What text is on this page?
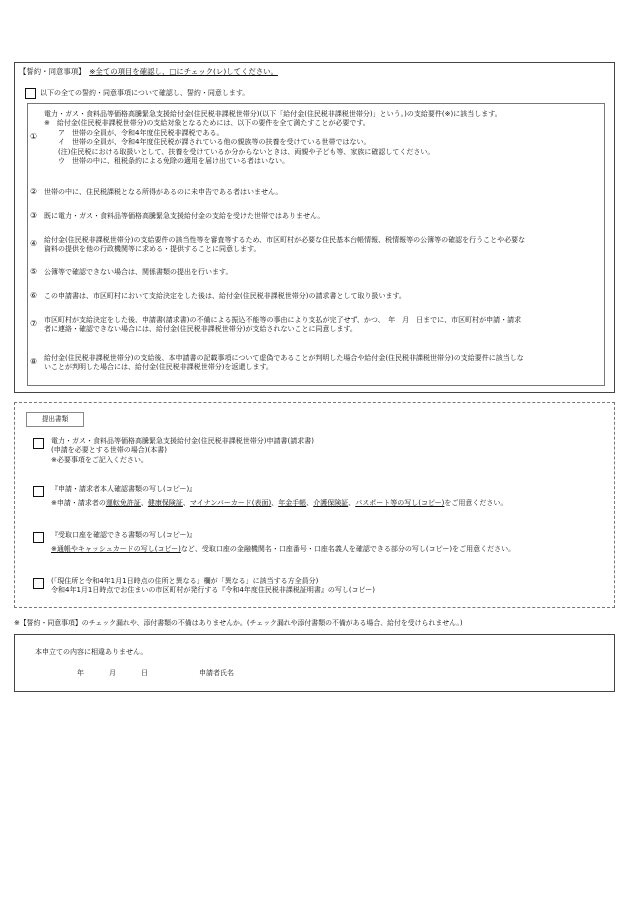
【誓約・同意事項】　 ※全ての項目を確認し、□にチェック(レ)してください。
以下の全ての誓約・同意事項について確認し、誓約・同意します。
①
電力・ガス・食料品等価格高騰緊急支援給付金(住民税非課税世帯分)(以下「給付金(住民税非課税世帯分)」という。)の支給要件(※)に該当します。
※　給付金(住民税非課税世帯分)の支給対象となるためには、以下の要件を全て満たすことが必要です。
　　ア　世帯の全員が、令和4年度住民税非課税である。
　　イ　世帯の全員が、令和4年度住民税が課されている他の親族等の扶養を受けている世帯ではない。
　　(注)住民税における取扱いとして、扶養を受けているか分からないときは、両親や子ども等、家族に確認してください。
　　ウ　世帯の中に、租税条約による免除の適用を届け出ている者はいない。
② 世帯の中に、住民税課税となる所得があるのに未申告である者はいません。
③ 既に電力・ガス・食料品等価格高騰緊急支援給付金の支給を受けた世帯ではありません。
④ 給付金(住民税非課税世帯分)の支給要件の該当性等を審査等するため、市区町村が必要な住民基本台帳情報、税情報等の公簿等の確認を行うことや必要な
資料の提供を他の行政機関等に求める・提供することに同意します。
⑤ 公簿等で確認できない場合は、関係書類の提出を行います。
⑥ この申請書は、市区町村において支給決定をした後は、給付金(住民税非課税世帯分)の請求書として取り扱います。
⑦ 市区町村が支給決定をした後、申請書(請求書)の不備による振込不能等の事由により支払が完了せず、かつ、　年　月　日までに、市区町村が申請・請求
者に連絡・確認できない場合には、給付金(住民税非課税世帯分)が支給されないことに同意します。
⑧ 給付金(住民税非課税世帯分)の支給後、本申請書の記載事項について虚偽であることが判明した場合や給付金(住民税非課税世帯分)の支給要件に該当しな
いことが判明した場合には、給付金(住民税非課税世帯分)を返還します。
提出書類
電力・ガス・食料品等価格高騰緊急支援給付金(住民税非課税世帯分)申請書(請求書)
(申請を必要とする世帯の場合)(本書)
※必要事項をご記入ください。
『申請・請求者本人確認書類の写し(コピー)』
※申請・請求者の運転免許証、健康保険証、マイナンバーカード(表面)、年金手帳、介護保険証、パスポート等の写し(コピー)をご用意ください。
『受取口座を確認できる書類の写し(コピー)』
※通帳やキャッシュカードの写し(コピー)など、受取口座の金融機関名・口座番号・口座名義人を確認できる部分の写し(コピー)をご用意ください。
(「現住所と令和4年1月1日時点の住所と異なる」欄が「異なる」に該当する方全員分)
令和4年1月1日時点でお住まいの市区町村が発行する『令和4年度住民税非課税証明書』の写し(コピー)
※【誓約・同意事項】のチェック漏れや、添付書類の不備はありませんか。(チェック漏れや添付書類の不備がある場合、給付を受けられません。)
本申立ての内容に相違ありません。
年	月	日	申請者氏名
